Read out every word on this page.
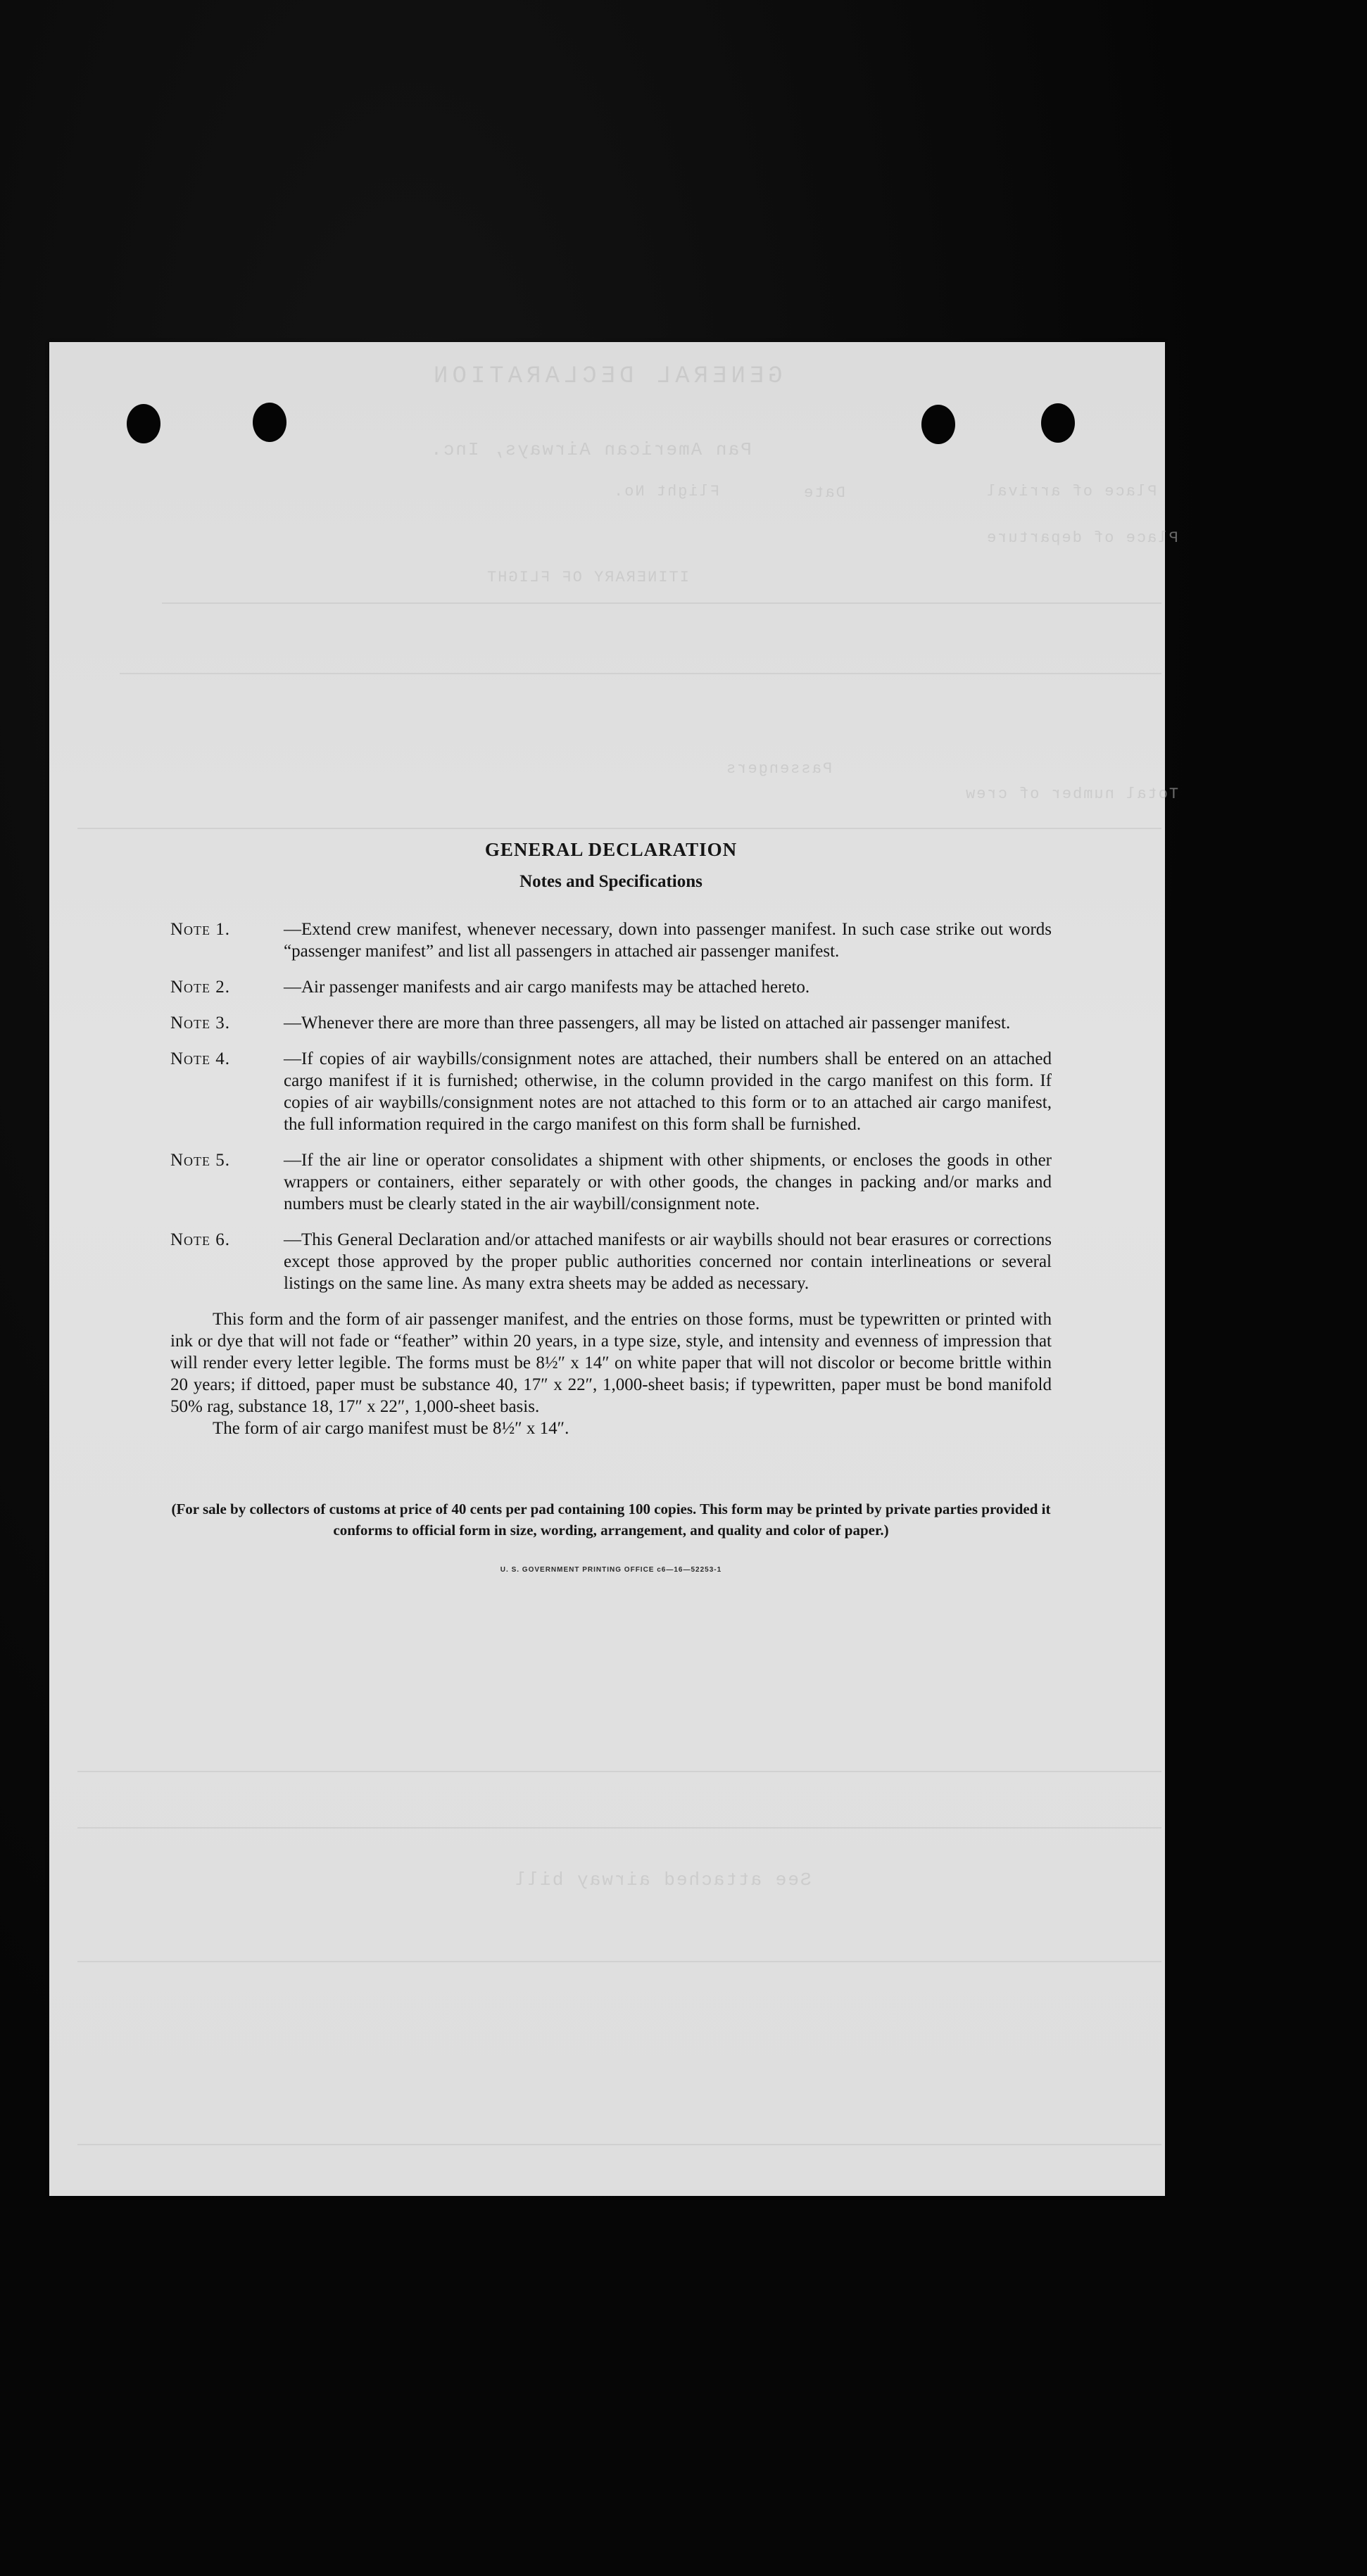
GENERAL DECLARATION
Pan American Airways, Inc.
Flight No.	Date
Place of departure
Place of arrival
ITINERARY OF FLIGHT
Total number of crew
Passengers
See attached airway bill

GENERAL DECLARATION

Notes and Specifications

Note 1.	—Extend crew manifest, whenever necessary, down into passenger manifest. In such case strike out words “passenger manifest” and list all passengers in attached air passenger manifest.
Note 2.	—Air passenger manifests and air cargo manifests may be attached hereto.
Note 3.	—Whenever there are more than three passengers, all may be listed on attached air passenger manifest.
Note 4.	—If copies of air waybills/consignment notes are attached, their numbers shall be entered on an attached cargo manifest if it is furnished; otherwise, in the column provided in the cargo manifest on this form. If copies of air waybills/consignment notes are not attached to this form or to an attached air cargo manifest, the full information required in the cargo manifest on this form shall be furnished.
Note 5.	—If the air line or operator consolidates a shipment with other shipments, or encloses the goods in other wrappers or containers, either separately or with other goods, the changes in packing and/or marks and numbers must be clearly stated in the air waybill/consignment note.
Note 6.	—This General Declaration and/or attached manifests or air waybills should not bear erasures or corrections except those approved by the proper public authorities concerned nor contain interlineations or several listings on the same line. As many extra sheets may be added as necessary.

This form and the form of air passenger manifest, and the entries on those forms, must be typewritten or printed with ink or dye that will not fade or “feather” within 20 years, in a type size, style, and intensity and evenness of impression that will render every letter legible. The forms must be 8½″ x 14″ on white paper that will not discolor or become brittle within 20 years; if dittoed, paper must be substance 40, 17″ x 22″, 1,000-sheet basis; if typewritten, paper must be bond manifold 50% rag, substance 18, 17″ x 22″, 1,000-sheet basis.

The form of air cargo manifest must be 8½″ x 14″.

(For sale by collectors of customs at price of 40 cents per pad containing 100 copies. This form may be printed by private parties provided it conforms to official form in size, wording, arrangement, and quality and color of paper.)
U. S. GOVERNMENT PRINTING OFFICE c6—16—52253-1
